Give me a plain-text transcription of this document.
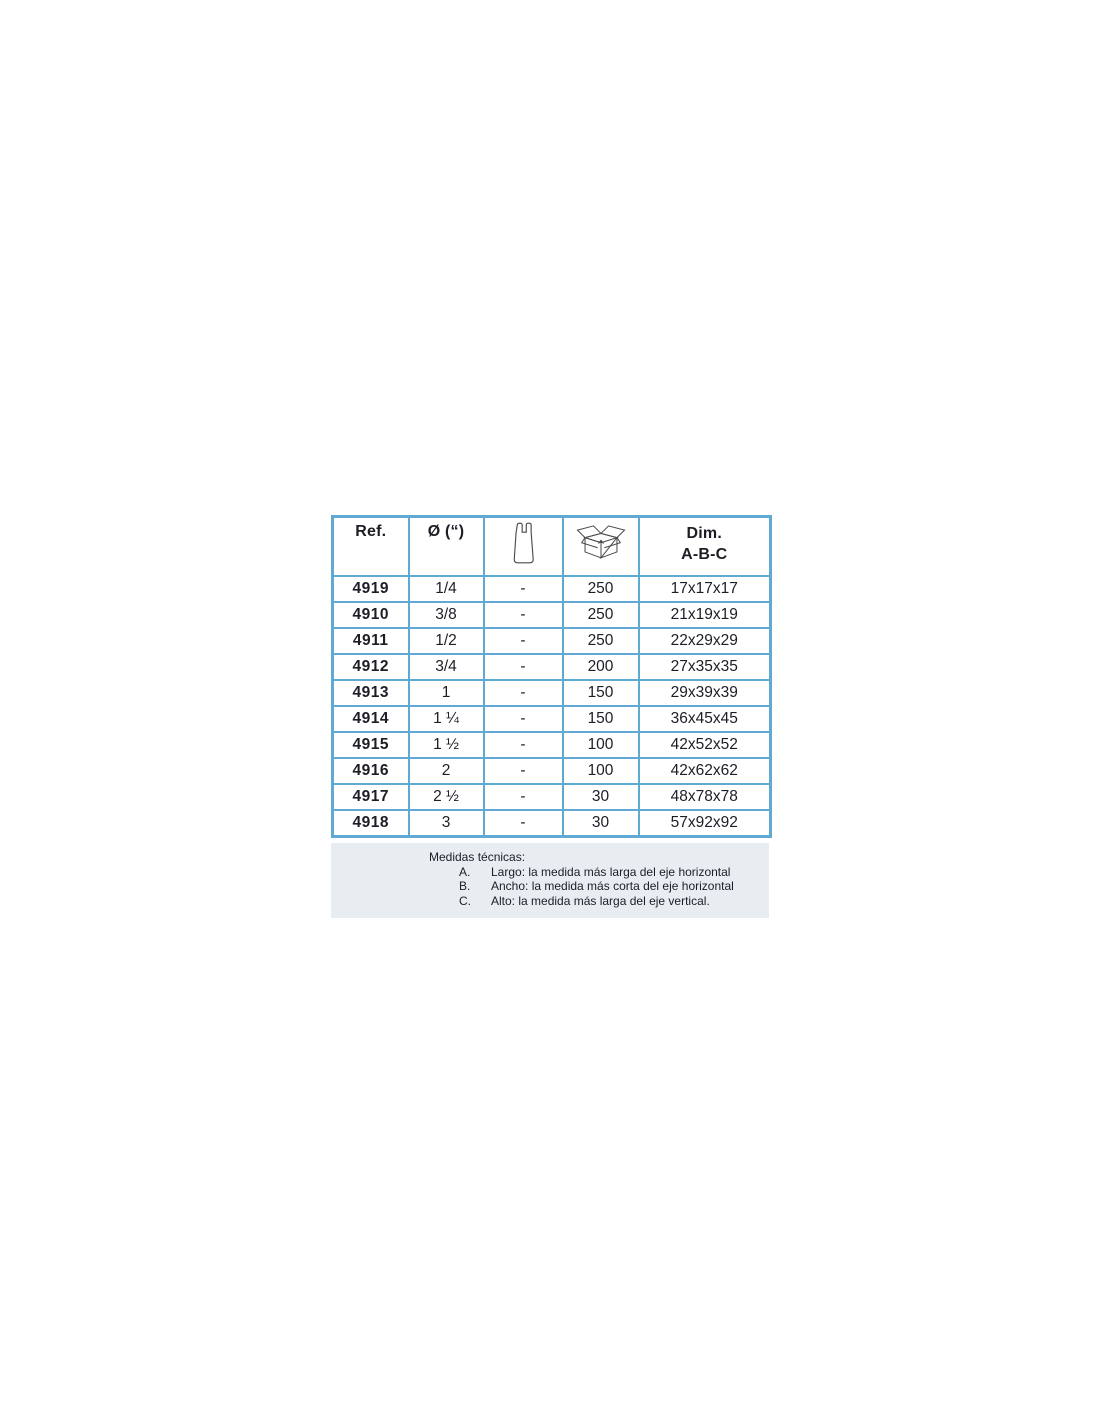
Ref.	Ø (“)			Dim.
A-B-C

4919	1/4	-	250	17x17x17
4910	3/8	-	250	21x19x19
4911	1/2	-	250	22x29x29
4912	3/4	-	200	27x35x35
4913	1	-	150	29x39x39
4914	1 ¼	-	150	36x45x45
4915	1 ½	-	100	42x52x52
4916	2	-	100	42x62x62
4917	2 ½	-	30	48x78x78
4918	3	-	30	57x92x92
Medidas técnicas:
A.	Largo: la medida más larga del eje horizontal
B.	Ancho: la medida más corta del eje horizontal
C.	Alto: la medida más larga del eje vertical.
